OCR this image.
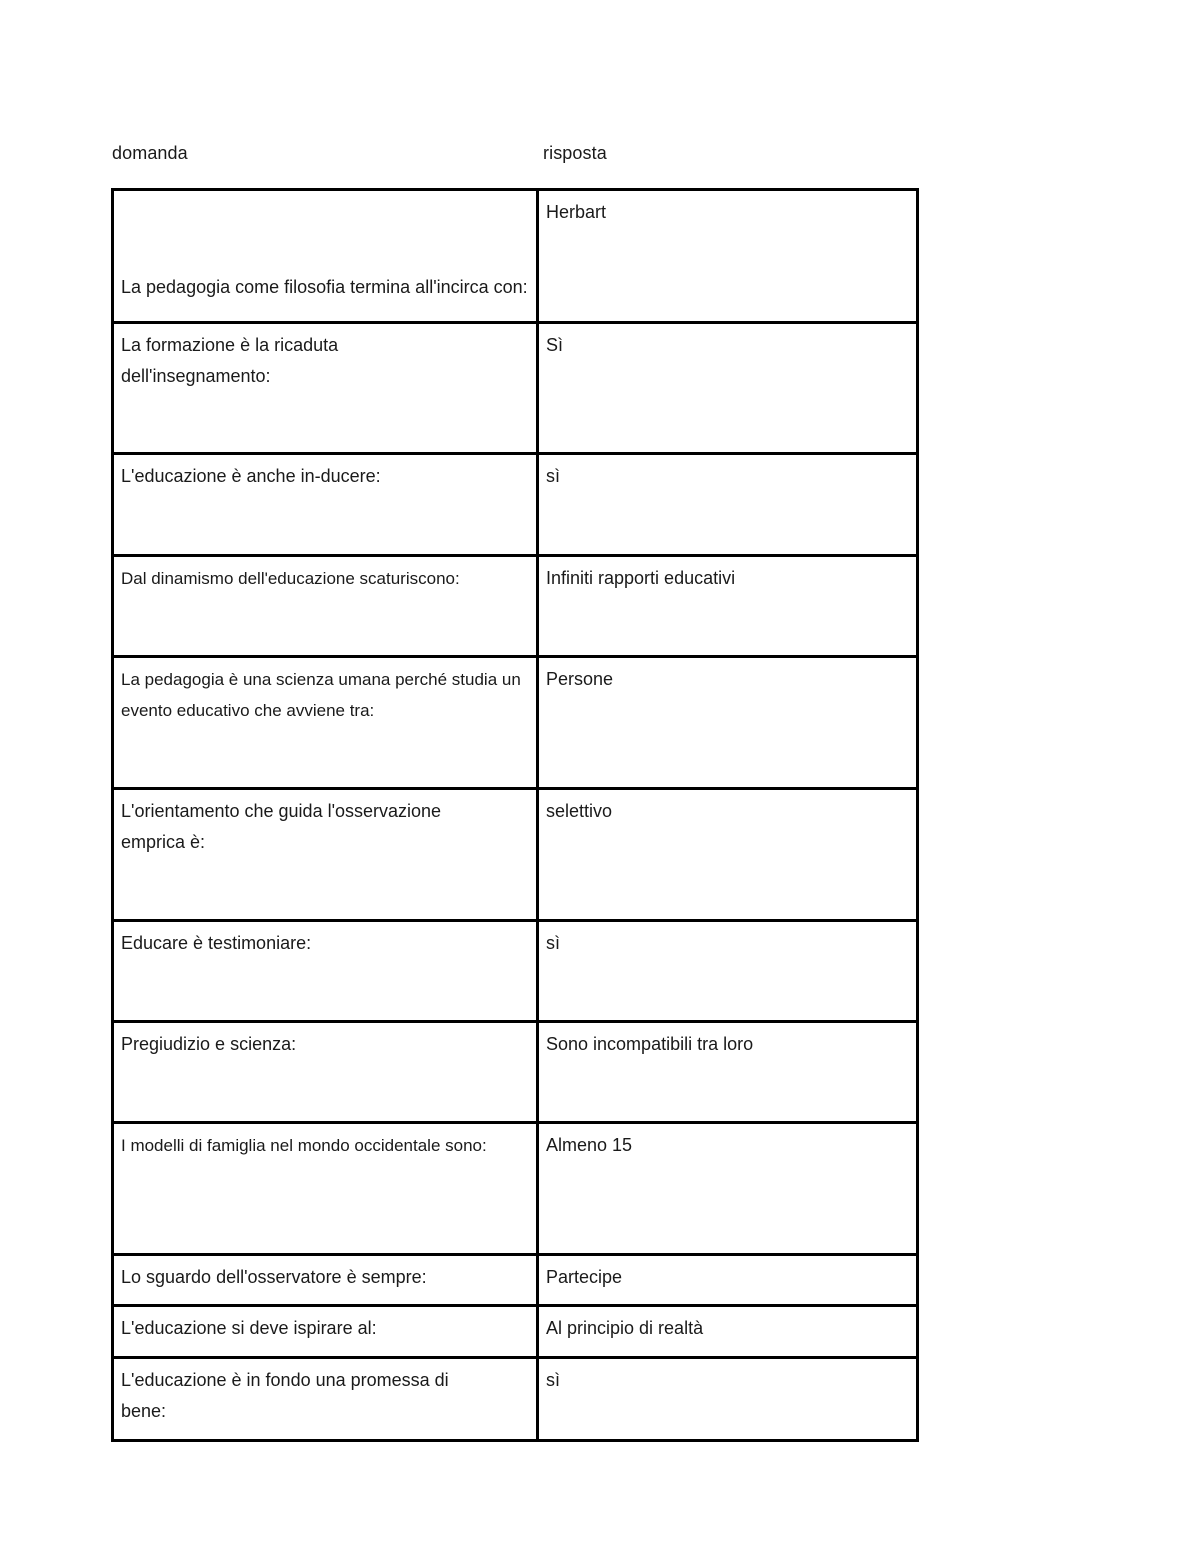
domanda	risposta
La pedagogia come filosofia termina all'incirca con:	Herbart
La formazione è la ricaduta dell'insegnamento:	Sì
L'educazione è anche in-ducere:	sì
Dal dinamismo dell'educazione scaturiscono:	Infiniti rapporti educativi
La pedagogia è una scienza umana perché studia un evento educativo che avviene tra:	Persone
L'orientamento che guida l'osservazione emprica è:	selettivo
Educare è testimoniare:	sì
Pregiudizio e scienza:	Sono incompatibili tra loro
I modelli di famiglia nel mondo occidentale sono:	Almeno 15
Lo sguardo dell'osservatore è sempre:	Partecipe
L'educazione si deve ispirare al:	Al principio di realtà
L'educazione è in fondo una promessa di bene:	sì
